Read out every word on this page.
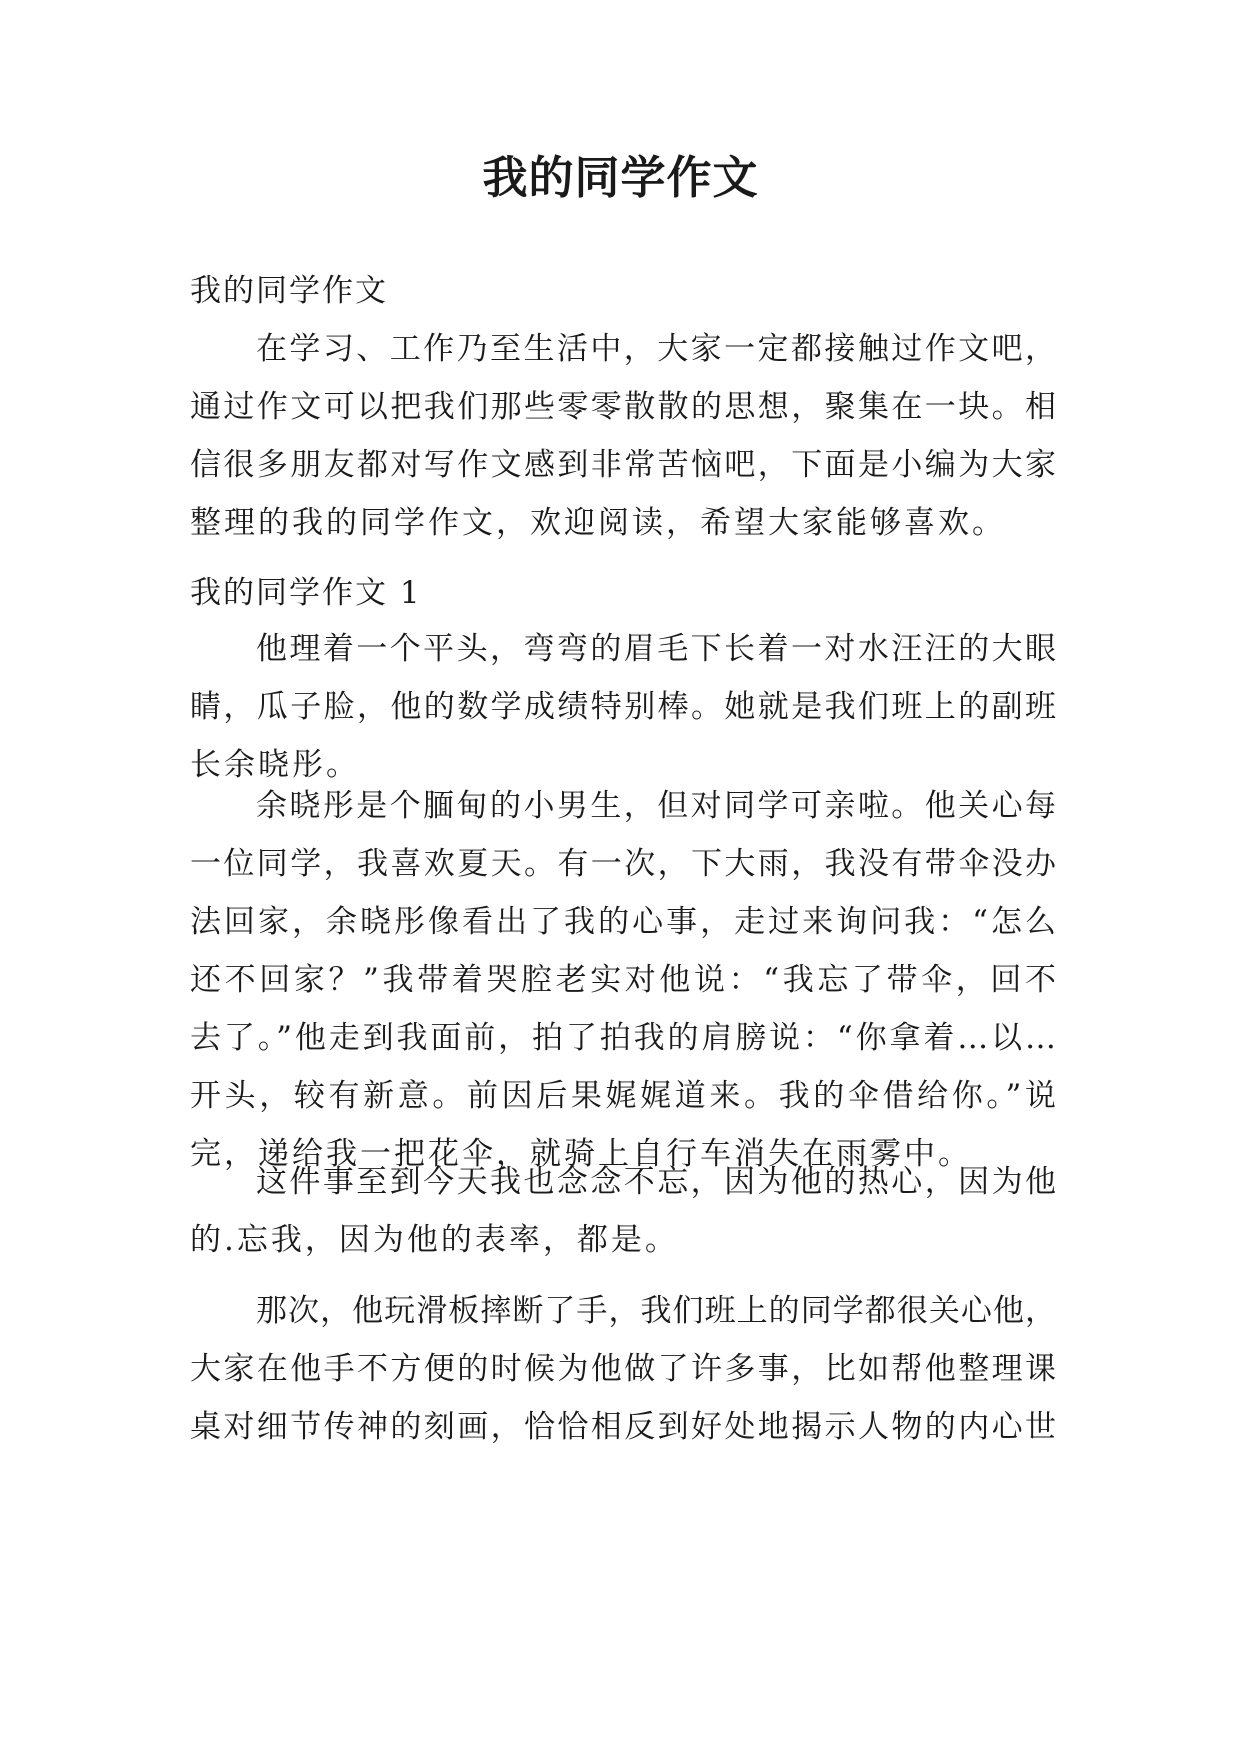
我的同学作文
我的同学作文
在学习、工作乃至生活中，大家一定都接触过作文吧，
通过作文可以把我们那些零零散散的思想，聚集在一块。相
信很多朋友都对写作文感到非常苦恼吧，下面是小编为大家
整理的我的同学作文，欢迎阅读，希望大家能够喜欢。
我的同学作文 1
他理着一个平头，弯弯的眉毛下长着一对水汪汪的大眼
睛，瓜子脸，他的数学成绩特别棒。她就是我们班上的副班
长余晓彤。
余晓彤是个腼甸的小男生，但对同学可亲啦。他关心每
一位同学，我喜欢夏天。有一次，下大雨，我没有带伞没办
法回家，余晓彤像看出了我的心事，走过来询问我：“怎么
还不回家？”我带着哭腔老实对他说：“我忘了带伞，回不
去了。”他走到我面前，拍了拍我的肩膀说：“你拿着…以…
开头，较有新意。前因后果娓娓道来。我的伞借给你。”说
完，递给我一把花伞，就骑上自行车消失在雨雾中。
这件事至到今天我也念念不忘，因为他的热心，因为他
的.忘我，因为他的表率，都是。
那次，他玩滑板摔断了手，我们班上的同学都很关心他，
大家在他手不方便的时候为他做了许多事，比如帮他整理课
桌对细节传神的刻画，恰恰相反到好处地揭示人物的内心世
